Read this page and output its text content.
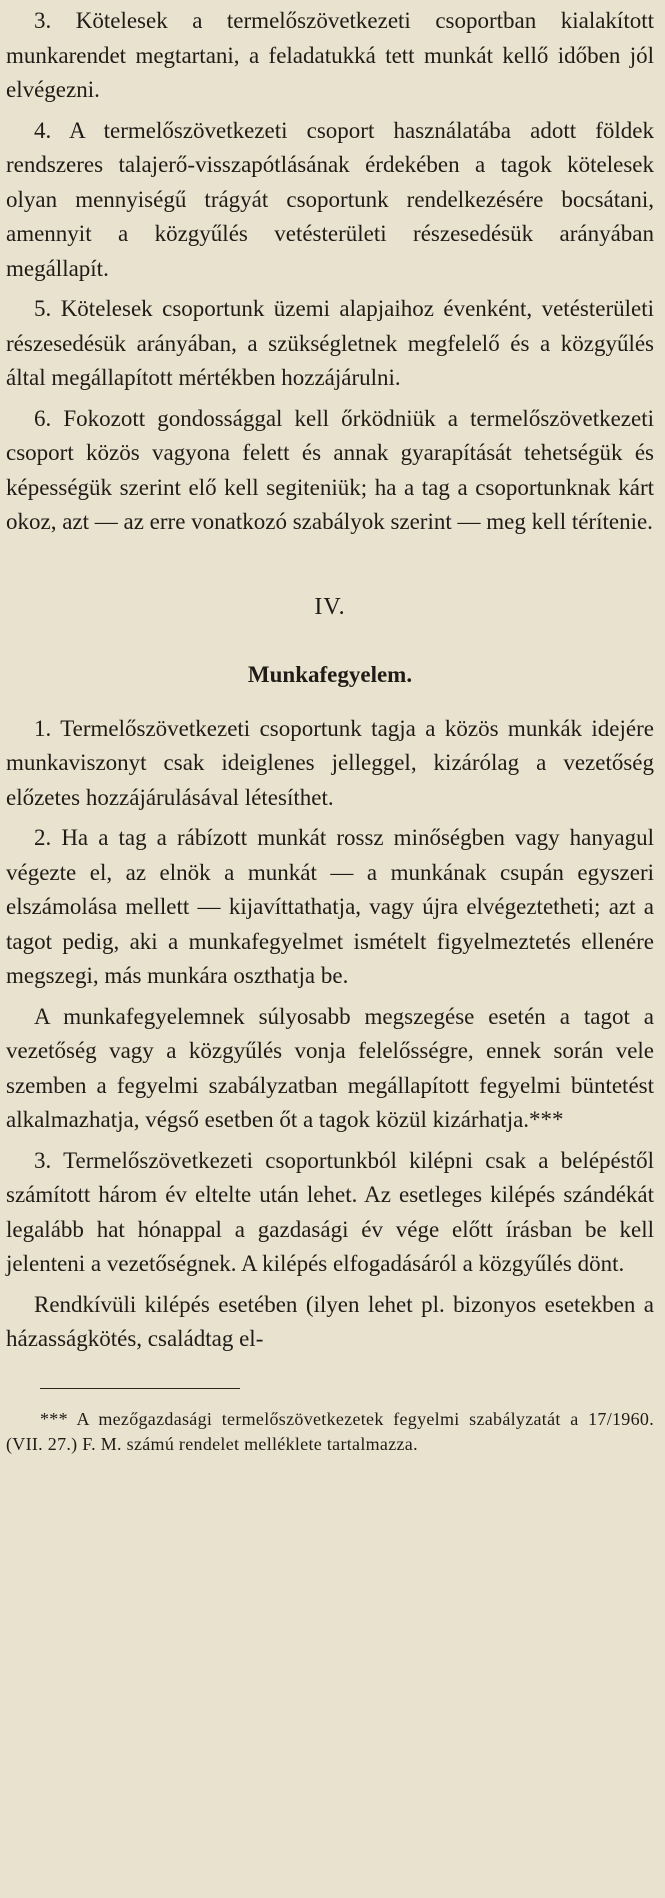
3. Kötelesek a termelőszövetkezeti csoportban kialakított munkarendet megtartani, a feladatukká tett munkát kellő időben jól elvégezni.

4. A termelőszövetkezeti csoport használatába adott földek rendszeres talajerő-visszapótlásának érdekében a tagok kötelesek olyan mennyiségű trágyát csoportunk rendelkezésére bocsátani, amennyit a közgyűlés vetésterületi részesedésük arányában megállapít.

5. Kötelesek csoportunk üzemi alapjaihoz évenként, vetésterületi részesedésük arányában, a szükségletnek megfelelő és a közgyűlés által megállapított mértékben hozzájárulni.

6. Fokozott gondossággal kell őrködniük a termelőszövetkezeti csoport közös vagyona felett és annak gyarapítását tehetségük és képességük szerint elő kell segiteniük; ha a tag a csoportunknak kárt okoz, azt — az erre vonatkozó szabályok szerint — meg kell térítenie.

IV.
Munkafegyelem.

1. Termelőszövetkezeti csoportunk tagja a közös munkák idejére munkaviszonyt csak ideiglenes jelleggel, kizárólag a vezetőség előzetes hozzájárulásával létesíthet.

2. Ha a tag a rábízott munkát rossz minőségben vagy hanyagul végezte el, az elnök a munkát — a munkának csupán egyszeri elszámolása mellett — kijavíttathatja, vagy újra elvégeztetheti; azt a tagot pedig, aki a munkafegyelmet ismételt figyelmeztetés ellenére megszegi, más munkára oszthatja be.

A munkafegyelemnek súlyosabb megszegése esetén a tagot a vezetőség vagy a közgyűlés vonja felelősségre, ennek során vele szemben a fegyelmi szabályzatban megállapított fegyelmi büntetést alkalmazhatja, végső esetben őt a tagok közül kizárhatja.***

3. Termelőszövetkezeti csoportunkból kilépni csak a belépéstől számított három év eltelte után lehet. Az esetleges kilépés szándékát legalább hat hónappal a gazdasági év vége előtt írásban be kell jelenteni a vezetőségnek. A kilépés elfogadásáról a közgyűlés dönt.

Rendkívüli kilépés esetében (ilyen lehet pl. bizonyos esetekben a házasságkötés, családtag el-

*** A mezőgazdasági termelőszövetkezetek fegyelmi szabályzatát a 17/1960. (VII. 27.) F. M. számú rendelet melléklete tartalmazza.
